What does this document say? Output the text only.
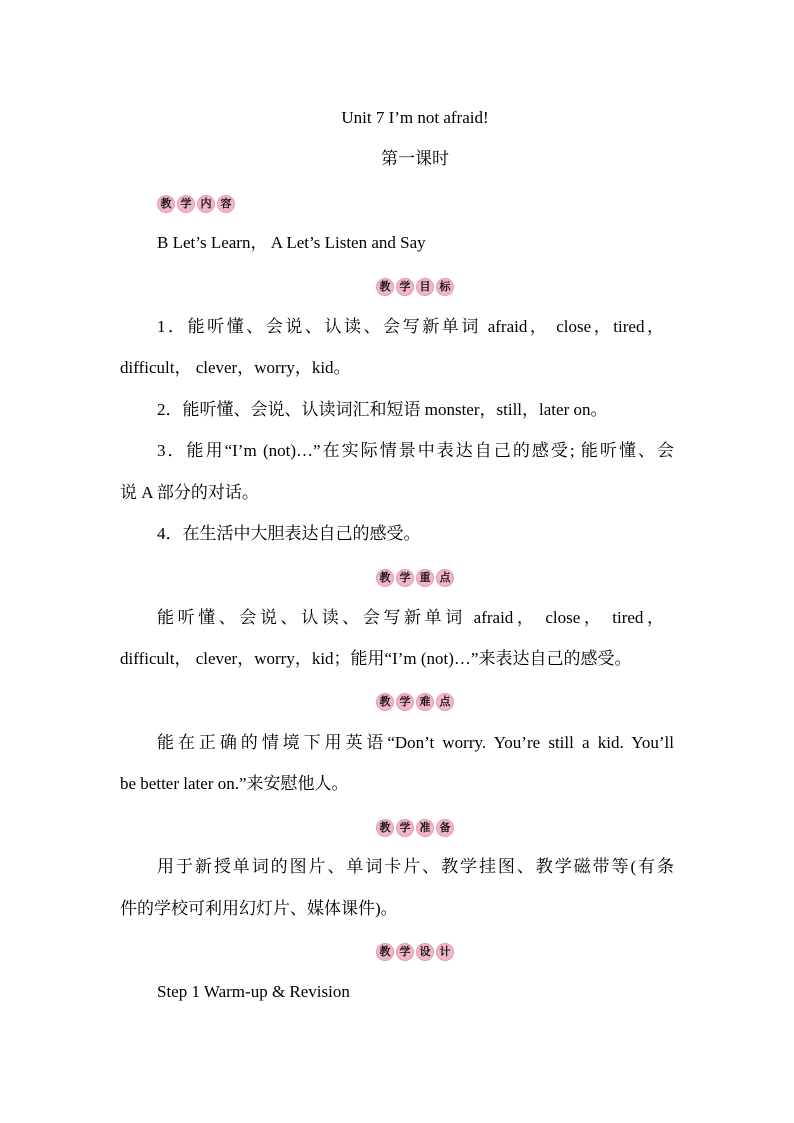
Unit 7 I’m not afraid!
第一课时
教 学 内 容
B Let’s Learn， A Let’s Listen and Say
教 学 目 标
1．能听懂、会说、认读、会写新单词 afraid， close，tired，
difficult， clever，worry，kid。
2．能听懂、会说、认读词汇和短语 monster，still，later on。
3．能用“I’m (not)…”在实际情景中表达自己的感受; 能听懂、会
说 A 部分的对话。
4．在生活中大胆表达自己的感受。
教 学 重 点
能听懂、会说、认读、会写新单词 afraid， close， tired，
difficult， clever，worry，kid；能用“I’m (not)…”来表达自己的感受。
教 学 难 点
能在正确的情境下用英语“Don’t worry. You’re still a kid. You’ll
be better later on.”来安慰他人。
教 学 准 备
用于新授单词的图片、单词卡片、教学挂图、教学磁带等(有条
件的学校可利用幻灯片、媒体课件)。
教 学 设 计
Step 1 Warm-up & Revision
